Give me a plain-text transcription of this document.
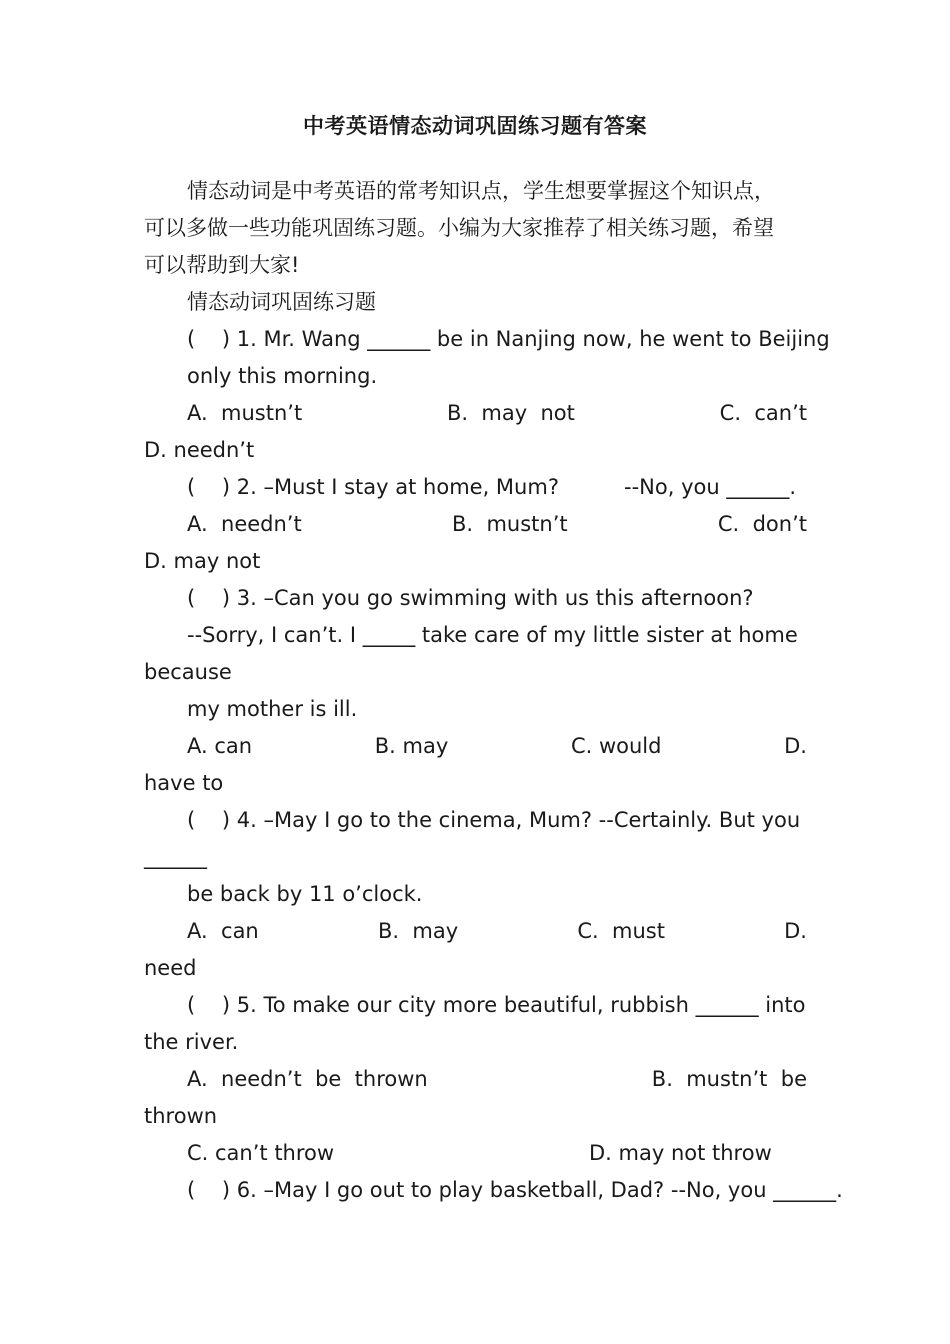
中考英语情态动词巩固练习题有答案
情态动词是中考英语的常考知识点，学生想要掌握这个知识点，
可以多做一些功能巩固练习题。小编为大家推荐了相关练习题，希望
可以帮助到大家!
情态动词巩固练习题
(    ) 1. Mr. Wang ______ be in Nanjing now, he went to Beijing
only this morning.
A.  mustn’t	B.  may  not	C.  can’t
D. needn’t
(    ) 2. –Must I stay at home, Mum?	--No, you ______.
A.  needn’t	B.  mustn’t	C.  don’t
D. may not
(    ) 3. –Can you go swimming with us this afternoon?
--Sorry, I can’t. I _____ take care of my little sister at home
because
my mother is ill.
A. can	B. may	C. would	D.
have to
(    ) 4. –May I go to the cinema, Mum? --Certainly. But you
______
be back by 11 o’clock.
A.  can	B.  may	C.  must	D.
need
(    ) 5. To make our city more beautiful, rubbish ______ into
the river.
A.  needn’t  be  thrown	B.  mustn’t  be
thrown
C. can’t throw	D. may not throw
(    ) 6. –May I go out to play basketball, Dad? --No, you ______.
